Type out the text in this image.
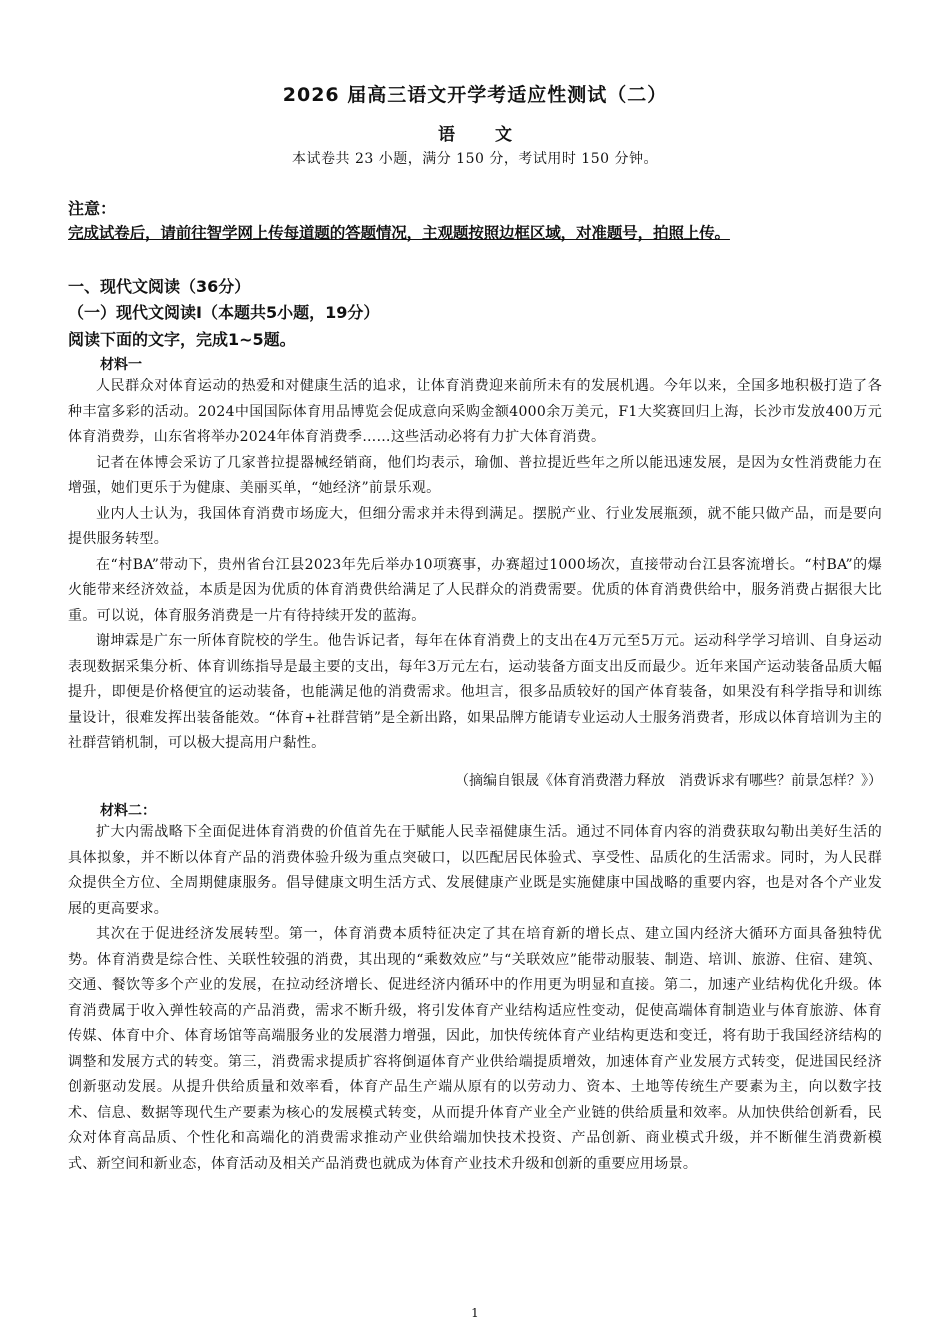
2026 届高三语文开学考适应性测试（二）
语文
本试卷共 23 小题，满分 150 分，考试用时 150 分钟。
注意：
完成试卷后，请前往智学网上传每道题的答题情况，主观题按照边框区域，对准题号，拍照上传。
一、现代文阅读（36分）
（一）现代文阅读I（本题共5小题，19分）
阅读下面的文字，完成1~5题。
材料一

人民群众对体育运动的热爱和对健康生活的追求，让体育消费迎来前所未有的发展机遇。今年以来，全国多地积极打造了各种丰富多彩的活动。2024中国国际体育用品博览会促成意向采购金额4000余万美元，F1大奖赛回归上海，长沙市发放400万元体育消费券，山东省将举办2024年体育消费季……这些活动必将有力扩大体育消费。

记者在体博会采访了几家普拉提器械经销商，他们均表示，瑜伽、普拉提近些年之所以能迅速发展，是因为女性消费能力在增强，她们更乐于为健康、美丽买单，“她经济”前景乐观。

业内人士认为，我国体育消费市场庞大，但细分需求并未得到满足。摆脱产业、行业发展瓶颈，就不能只做产品，而是要向提供服务转型。

在“村BA”带动下，贵州省台江县2023年先后举办10项赛事，办赛超过1000场次，直接带动台江县客流增长。“村BA”的爆火能带来经济效益，本质是因为优质的体育消费供给满足了人民群众的消费需要。优质的体育消费供给中，服务消费占据很大比重。可以说，体育服务消费是一片有待持续开发的蓝海。

谢坤霖是广东一所体育院校的学生。他告诉记者，每年在体育消费上的支出在4万元至5万元。运动科学学习培训、自身运动表现数据采集分析、体育训练指导是最主要的支出，每年3万元左右，运动装备方面支出反而最少。近年来国产运动装备品质大幅提升，即便是价格便宜的运动装备，也能满足他的消费需求。他坦言，很多品质较好的国产体育装备，如果没有科学指导和训练量设计，很难发挥出装备能效。“体育+社群营销”是全新出路，如果品牌方能请专业运动人士服务消费者，形成以体育培训为主的社群营销机制，可以极大提高用户黏性。

（摘编自银晟《体育消费潜力释放　消费诉求有哪些？前景怎样？》）
材料二：

扩大内需战略下全面促进体育消费的价值首先在于赋能人民幸福健康生活。通过不同体育内容的消费获取勾勒出美好生活的具体拟象，并不断以体育产品的消费体验升级为重点突破口，以匹配居民体验式、享受性、品质化的生活需求。同时，为人民群众提供全方位、全周期健康服务。倡导健康文明生活方式、发展健康产业既是实施健康中国战略的重要内容，也是对各个产业发展的更高要求。

其次在于促进经济发展转型。第一，体育消费本质特征决定了其在培育新的增长点、建立国内经济大循环方面具备独特优势。体育消费是综合性、关联性较强的消费，其出现的“乘数效应”与“关联效应”能带动服装、制造、培训、旅游、住宿、建筑、交通、餐饮等多个产业的发展，在拉动经济增长、促进经济内循环中的作用更为明显和直接。第二，加速产业结构优化升级。体育消费属于收入弹性较高的产品消费，需求不断升级，将引发体育产业结构适应性变动，促使高端体育制造业与体育旅游、体育传媒、体育中介、体育场馆等高端服务业的发展潜力增强，因此，加快传统体育产业结构更迭和变迁，将有助于我国经济结构的调整和发展方式的转变。第三，消费需求提质扩容将倒逼体育产业供给端提质增效，加速体育产业发展方式转变，促进国民经济创新驱动发展。从提升供给质量和效率看，体育产品生产端从原有的以劳动力、资本、土地等传统生产要素为主，向以数字技术、信息、数据等现代生产要素为核心的发展模式转变，从而提升体育产业全产业链的供给质量和效率。从加快供给创新看，民众对体育高品质、个性化和高端化的消费需求推动产业供给端加快技术投资、产品创新、商业模式升级，并不断催生消费新模式、新空间和新业态，体育活动及相关产品消费也就成为体育产业技术升级和创新的重要应用场景。

1
